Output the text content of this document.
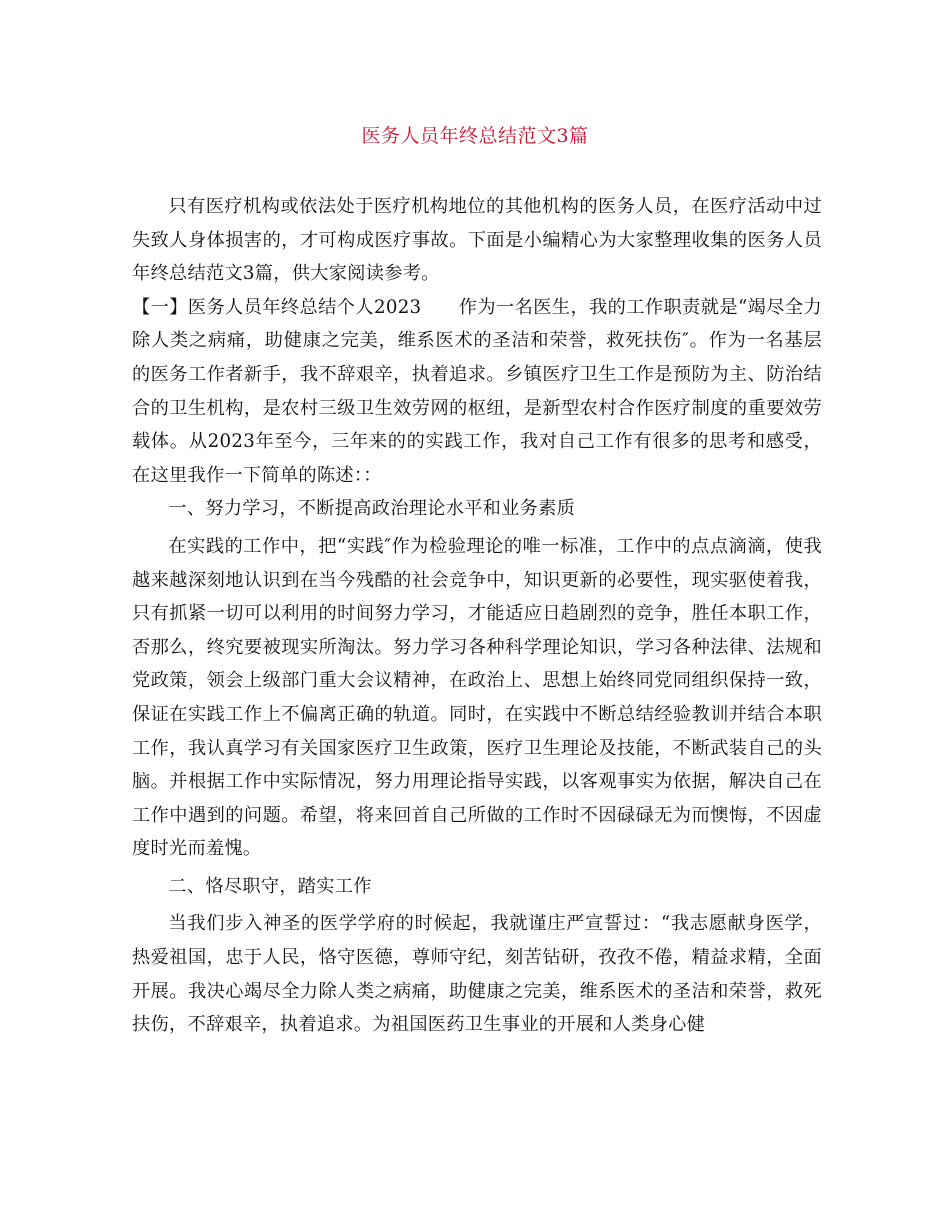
医务人员年终总结范文3篇

只有医疗机构或依法处于医疗机构地位的其他机构的医务人员，在医疗活动中过失致人身体损害的，才可构成医疗事故。下面是小编精心为大家整理收集的医务人员年终总结范文3篇，供大家阅读参考。

【一】医务人员年终总结个人2023　　作为一名医生，我的工作职责就是“竭尽全力除人类之病痛，助健康之完美，维系医术的圣洁和荣誉，救死扶伤″。作为一名基层的医务工作者新手，我不辞艰辛，执着追求。乡镇医疗卫生工作是预防为主、防治结合的卫生机构，是农村三级卫生效劳网的枢纽，是新型农村合作医疗制度的重要效劳载体。从2023年至今，三年来的的实践工作，我对自己工作有很多的思考和感受，在这里我作一下简单的陈述：：

一、努力学习，不断提高政治理论水平和业务素质

在实践的工作中，把“实践″作为检验理论的唯一标准，工作中的点点滴滴，使我越来越深刻地认识到在当今残酷的社会竞争中，知识更新的必要性，现实驱使着我，只有抓紧一切可以利用的时间努力学习，才能适应日趋剧烈的竞争，胜任本职工作，否那么，终究要被现实所淘汰。努力学习各种科学理论知识，学习各种法律、法规和党政策，领会上级部门重大会议精神，在政治上、思想上始终同党同组织保持一致，保证在实践工作上不偏离正确的轨道。同时，在实践中不断总结经验教训并结合本职工作，我认真学习有关国家医疗卫生政策，医疗卫生理论及技能，不断武装自己的头脑。并根据工作中实际情况，努力用理论指导实践，以客观事实为依据，解决自己在工作中遇到的问题。希望，将来回首自己所做的工作时不因碌碌无为而懊悔，不因虚度时光而羞愧。

二、恪尽职守，踏实工作

当我们步入神圣的医学学府的时候起，我就谨庄严宣誓过：“我志愿献身医学，热爱祖国，忠于人民，恪守医德，尊师守纪，刻苦钻研，孜孜不倦，精益求精，全面开展。我决心竭尽全力除人类之病痛，助健康之完美，维系医术的圣洁和荣誉，救死扶伤，不辞艰辛，执着追求。为祖国医药卫生事业的开展和人类身心健
